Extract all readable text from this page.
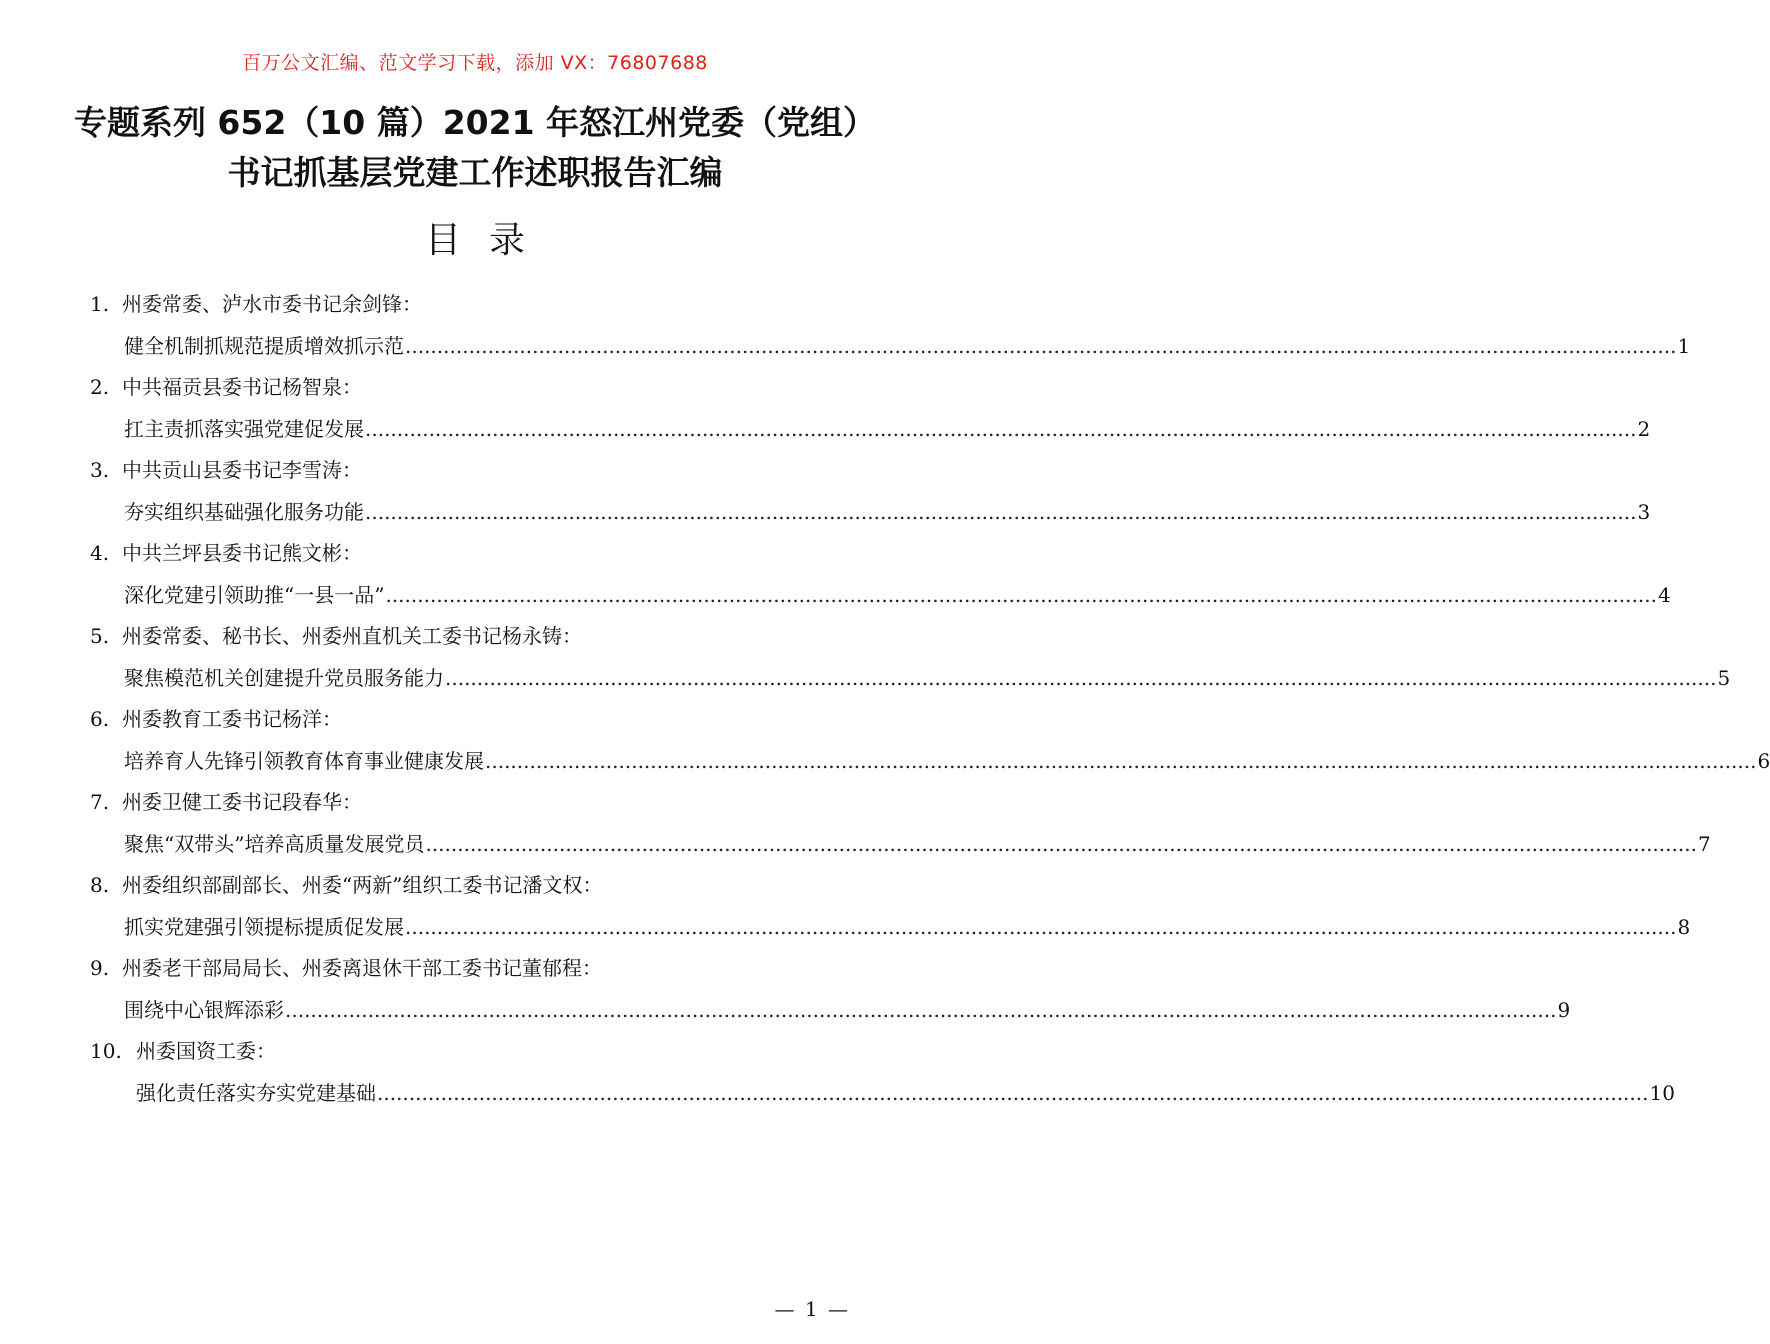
百万公文汇编、范文学习下载，添加 VX：76807688
专题系列 652（10 篇）2021 年怒江州党委（党组）书记抓基层党建工作述职报告汇编
目录
1. 州委常委、泸水市委书记余剑锋：
健全机制抓规范提质增效抓示范 ........................................................................................................................................................................................................ 1
2. 中共福贡县委书记杨智泉：
扛主责抓落实强党建促发展 ........................................................................................................................................................................................................ 2
3. 中共贡山县委书记李雪涛：
夯实组织基础强化服务功能 ........................................................................................................................................................................................................ 3
4. 中共兰坪县委书记熊文彬：
深化党建引领助推“一县一品” ........................................................................................................................................................................................................ 4
5. 州委常委、秘书长、州委州直机关工委书记杨永铸：
聚焦模范机关创建提升党员服务能力 ........................................................................................................................................................................................................ 5
6. 州委教育工委书记杨洋：
培养育人先锋引领教育体育事业健康发展 ........................................................................................................................................................................................................ 6
7. 州委卫健工委书记段春华：
聚焦“双带头”培养高质量发展党员 ........................................................................................................................................................................................................ 7
8. 州委组织部副部长、州委“两新”组织工委书记潘文权：
抓实党建强引领提标提质促发展 ........................................................................................................................................................................................................ 8
9. 州委老干部局局长、州委离退休干部工委书记董郁程：
围绕中心银辉添彩 ........................................................................................................................................................................................................ 9
10. 州委国资工委：
强化责任落实夯实党建基础 ........................................................................................................................................................................................................ 10
— 1 —
